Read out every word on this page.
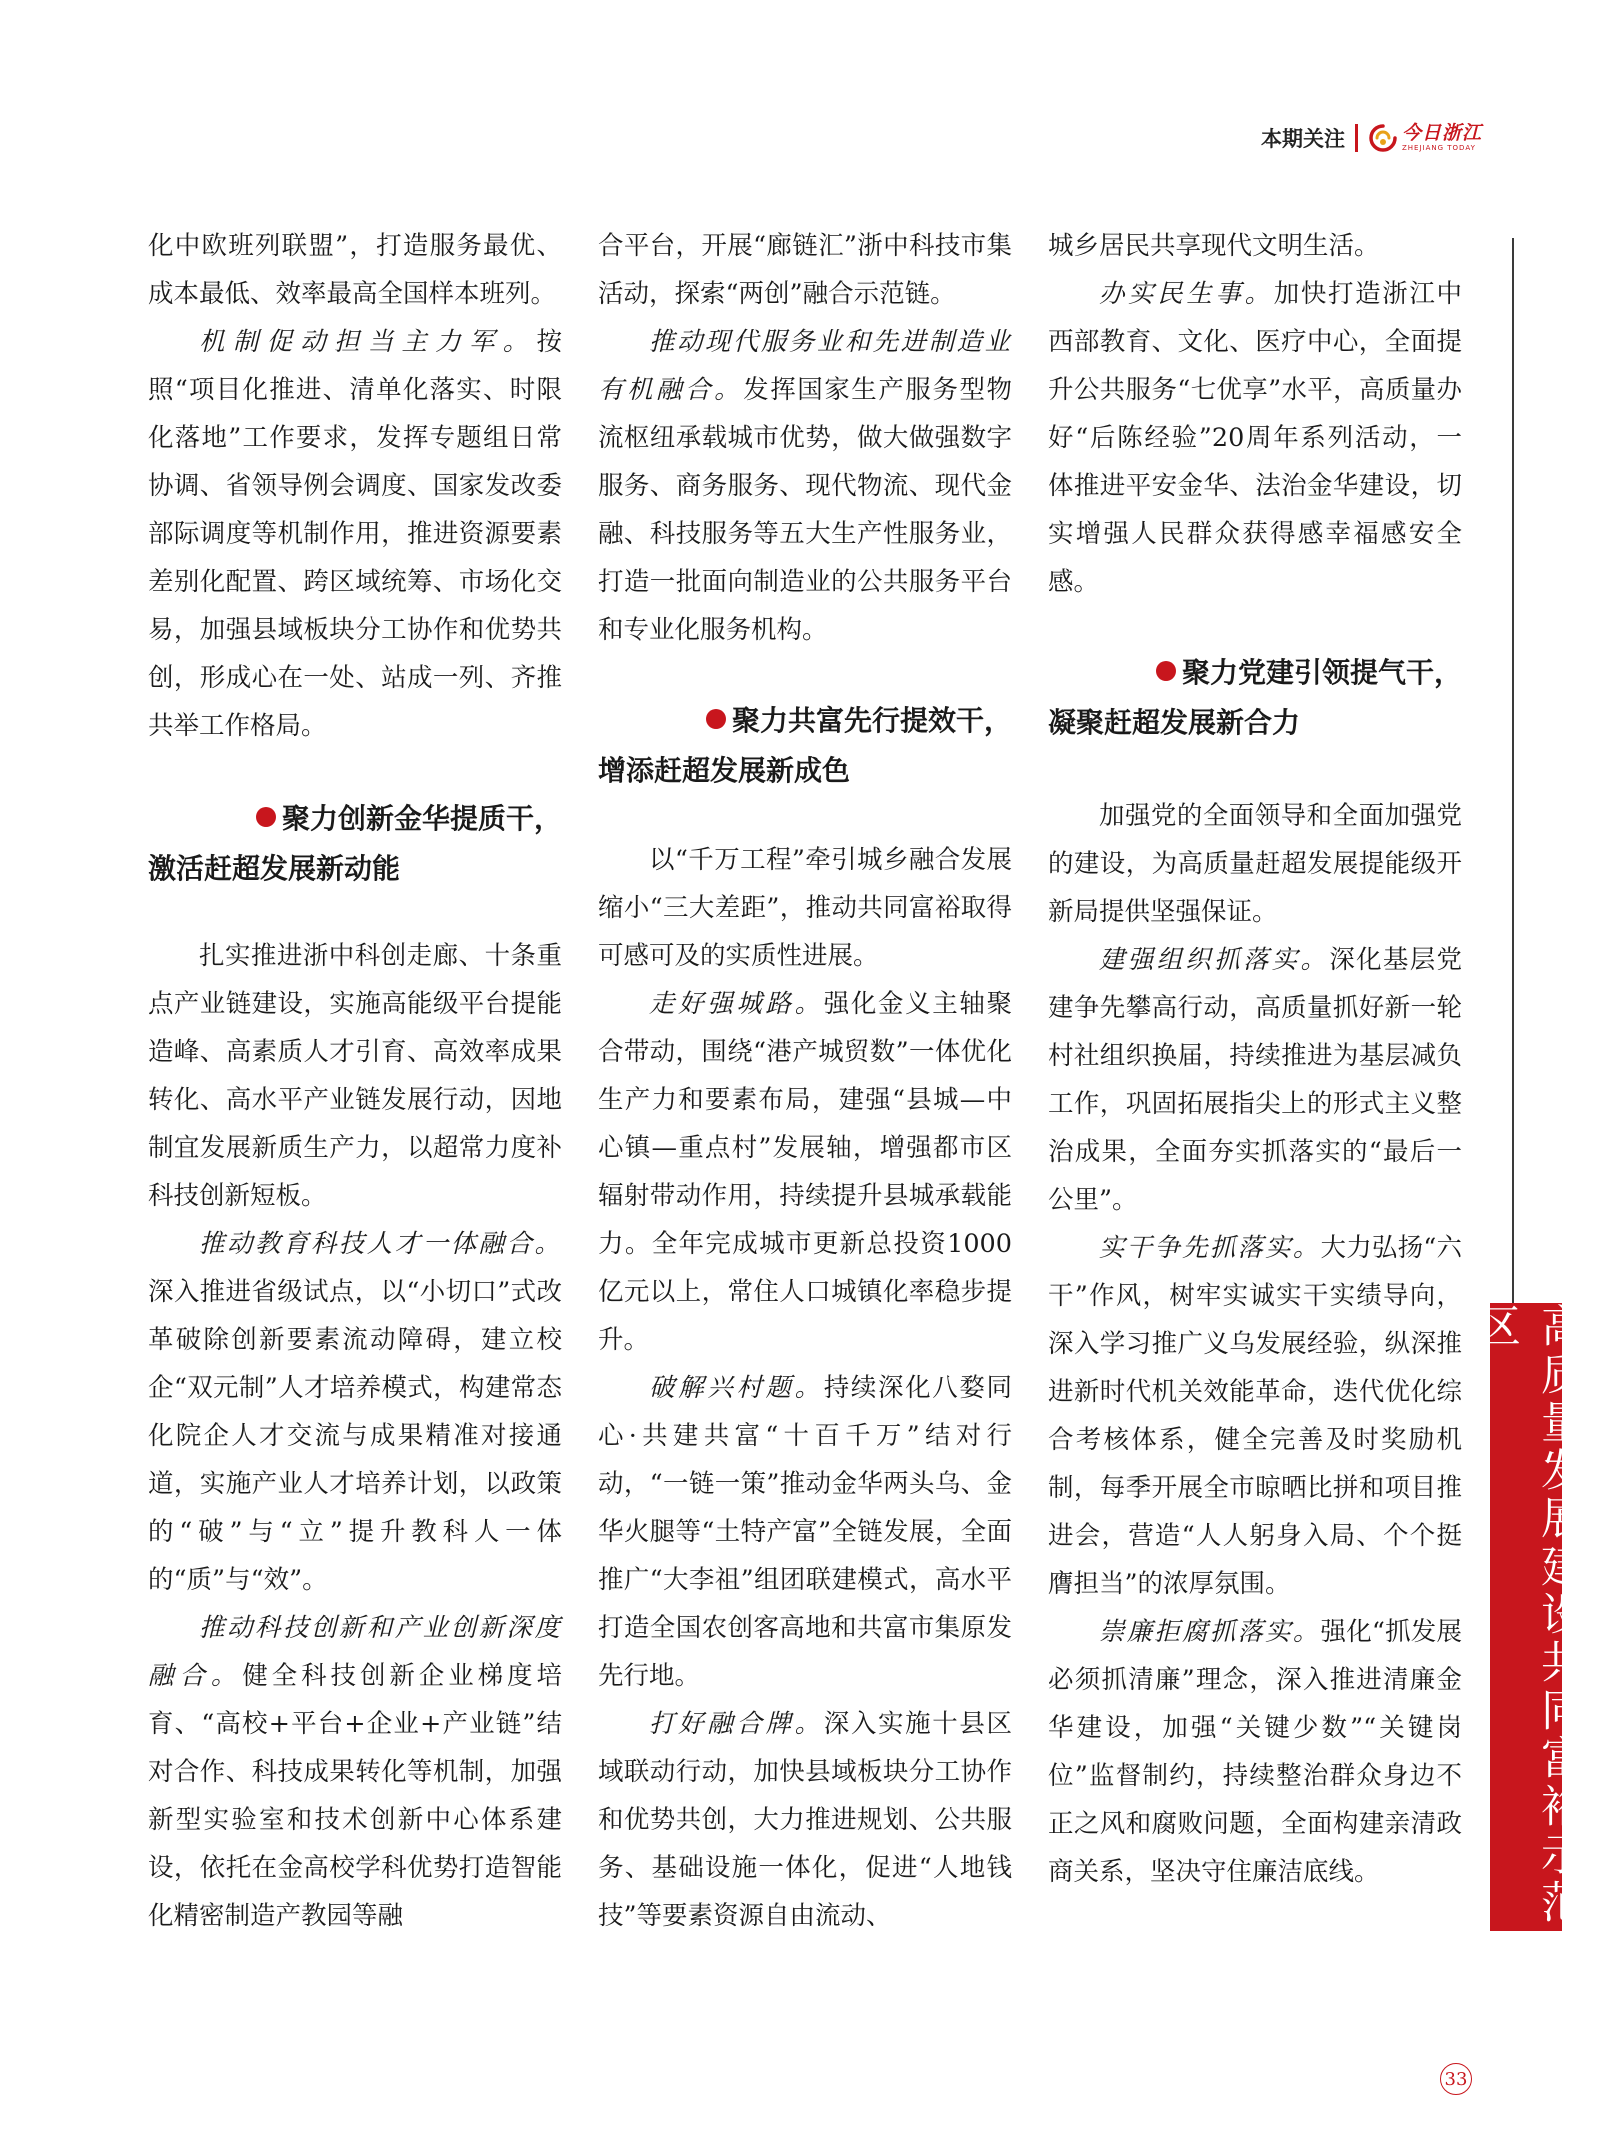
本期关注	今日浙江
ZHEJIANG TODAY

化中欧班列联盟”，打造服务最优、成本最低、效率最高全国样本班列。

机制促动担当主力军。按照“项目化推进、清单化落实、时限化落地”工作要求，发挥专题组日常协调、省领导例会调度、国家发改委部际调度等机制作用，推进资源要素差别化配置、跨区域统筹、市场化交易，加强县域板块分工协作和优势共创，形成心在一处、站成一列、齐推共举工作格局。

聚力创新金华提质干，
激活赶超发展新动能

扎实推进浙中科创走廊、十条重点产业链建设，实施高能级平台提能造峰、高素质人才引育、高效率成果转化、高水平产业链发展行动，因地制宜发展新质生产力，以超常力度补科技创新短板。

推动教育科技人才一体融合。深入推进省级试点，以“小切口”式改革破除创新要素流动障碍，建立校企“双元制”人才培养模式，构建常态化院企人才交流与成果精准对接通道，实施产业人才培养计划，以政策的“破”与“立”提升教科人一体的“质”与“效”。

推动科技创新和产业创新深度融合。健全科技创新企业梯度培育、“高校+平台+企业+产业链”结对合作、科技成果转化等机制，加强新型实验室和技术创新中心体系建设，依托在金高校学科优势打造智能化精密制造产教园等融

合平台，开展“廊链汇”浙中科技市集活动，探索“两创”融合示范链。

推动现代服务业和先进制造业有机融合。发挥国家生产服务型物流枢纽承载城市优势，做大做强数字服务、商务服务、现代物流、现代金融、科技服务等五大生产性服务业，打造一批面向制造业的公共服务平台和专业化服务机构。

聚力共富先行提效干，
增添赶超发展新成色

以“千万工程”牵引城乡融合发展缩小“三大差距”，推动共同富裕取得可感可及的实质性进展。

走好强城路。强化金义主轴聚合带动，围绕“港产城贸数”一体优化生产力和要素布局，建强“县城—中心镇—重点村”发展轴，增强都市区辐射带动作用，持续提升县城承载能力。全年完成城市更新总投资1000亿元以上，常住人口城镇化率稳步提升。

破解兴村题。持续深化八婺同心·共建共富“十百千万”结对行动，“一链一策”推动金华两头乌、金华火腿等“土特产富”全链发展，全面推广“大李祖”组团联建模式，高水平打造全国农创客高地和共富市集原发先行地。

打好融合牌。深入实施十县区域联动行动，加快县域板块分工协作和优势共创，大力推进规划、公共服务、基础设施一体化，促进“人地钱技”等要素资源自由流动、

城乡居民共享现代文明生活。

办实民生事。加快打造浙江中西部教育、文化、医疗中心，全面提升公共服务“七优享”水平，高质量办好“后陈经验”20周年系列活动，一体推进平安金华、法治金华建设，切实增强人民群众获得感幸福感安全感。

聚力党建引领提气干，
凝聚赶超发展新合力

加强党的全面领导和全面加强党的建设，为高质量赶超发展提能级开新局提供坚强保证。

建强组织抓落实。深化基层党建争先攀高行动，高质量抓好新一轮村社组织换届，持续推进为基层减负工作，巩固拓展指尖上的形式主义整治成果，全面夯实抓落实的“最后一公里”。

实干争先抓落实。大力弘扬“六干”作风，树牢实诚实干实绩导向，深入学习推广义乌发展经验，纵深推进新时代机关效能革命，迭代优化综合考核体系，健全完善及时奖励机制，每季开展全市晾晒比拼和项目推进会，营造“人人躬身入局、个个挺膺担当”的浓厚氛围。

崇廉拒腐抓落实。强化“抓发展必须抓清廉”理念，深入推进清廉金华建设，加强“关键少数”“关键岗位”监督制约，持续整治群众身边不正之风和腐败问题，全面构建亲清政商关系，坚决守住廉洁底线。	高质量发展建设共同富裕示范区
33
